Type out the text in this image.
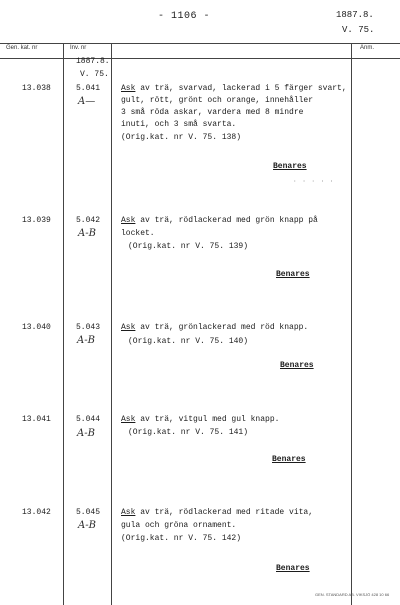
- 1106 -	1887.8.
V. 75.
Gen. kat. nr	Inv. nr	Anm.
1887.8.
V. 75.
13.038	5.041
A—
Ask av trä, svarvad, lackerad i 5 färger svart,
gult, rött, grönt och orange, innehåller
3 små röda askar, vardera med 8 mindre
inuti, och 3 små svarta.
(Orig.kat. nr V. 75. 138)
Benares
· · · · ·
13.039	5.042
A-B
Ask av trä, rödlackerad med grön knapp på
locket.
(Orig.kat. nr V. 75. 139)
Benares
13.040	5.043
A-B
Ask av trä, grönlackerad med röd knapp.
(Orig.kat. nr V. 75. 140)
Benares
13.041	5.044
A-B
Ask av trä, vitgul med gul knapp.
(Orig.kat. nr V. 75. 141)
Benares
13.042	5.045
A-B
Ask av trä, rödlackerad med ritade vita,
gula och gröna ornament.
(Orig.kat. nr V. 75. 142)
Benares
GEN. STANDARD AB. VIKSJÖ 428 10 66
